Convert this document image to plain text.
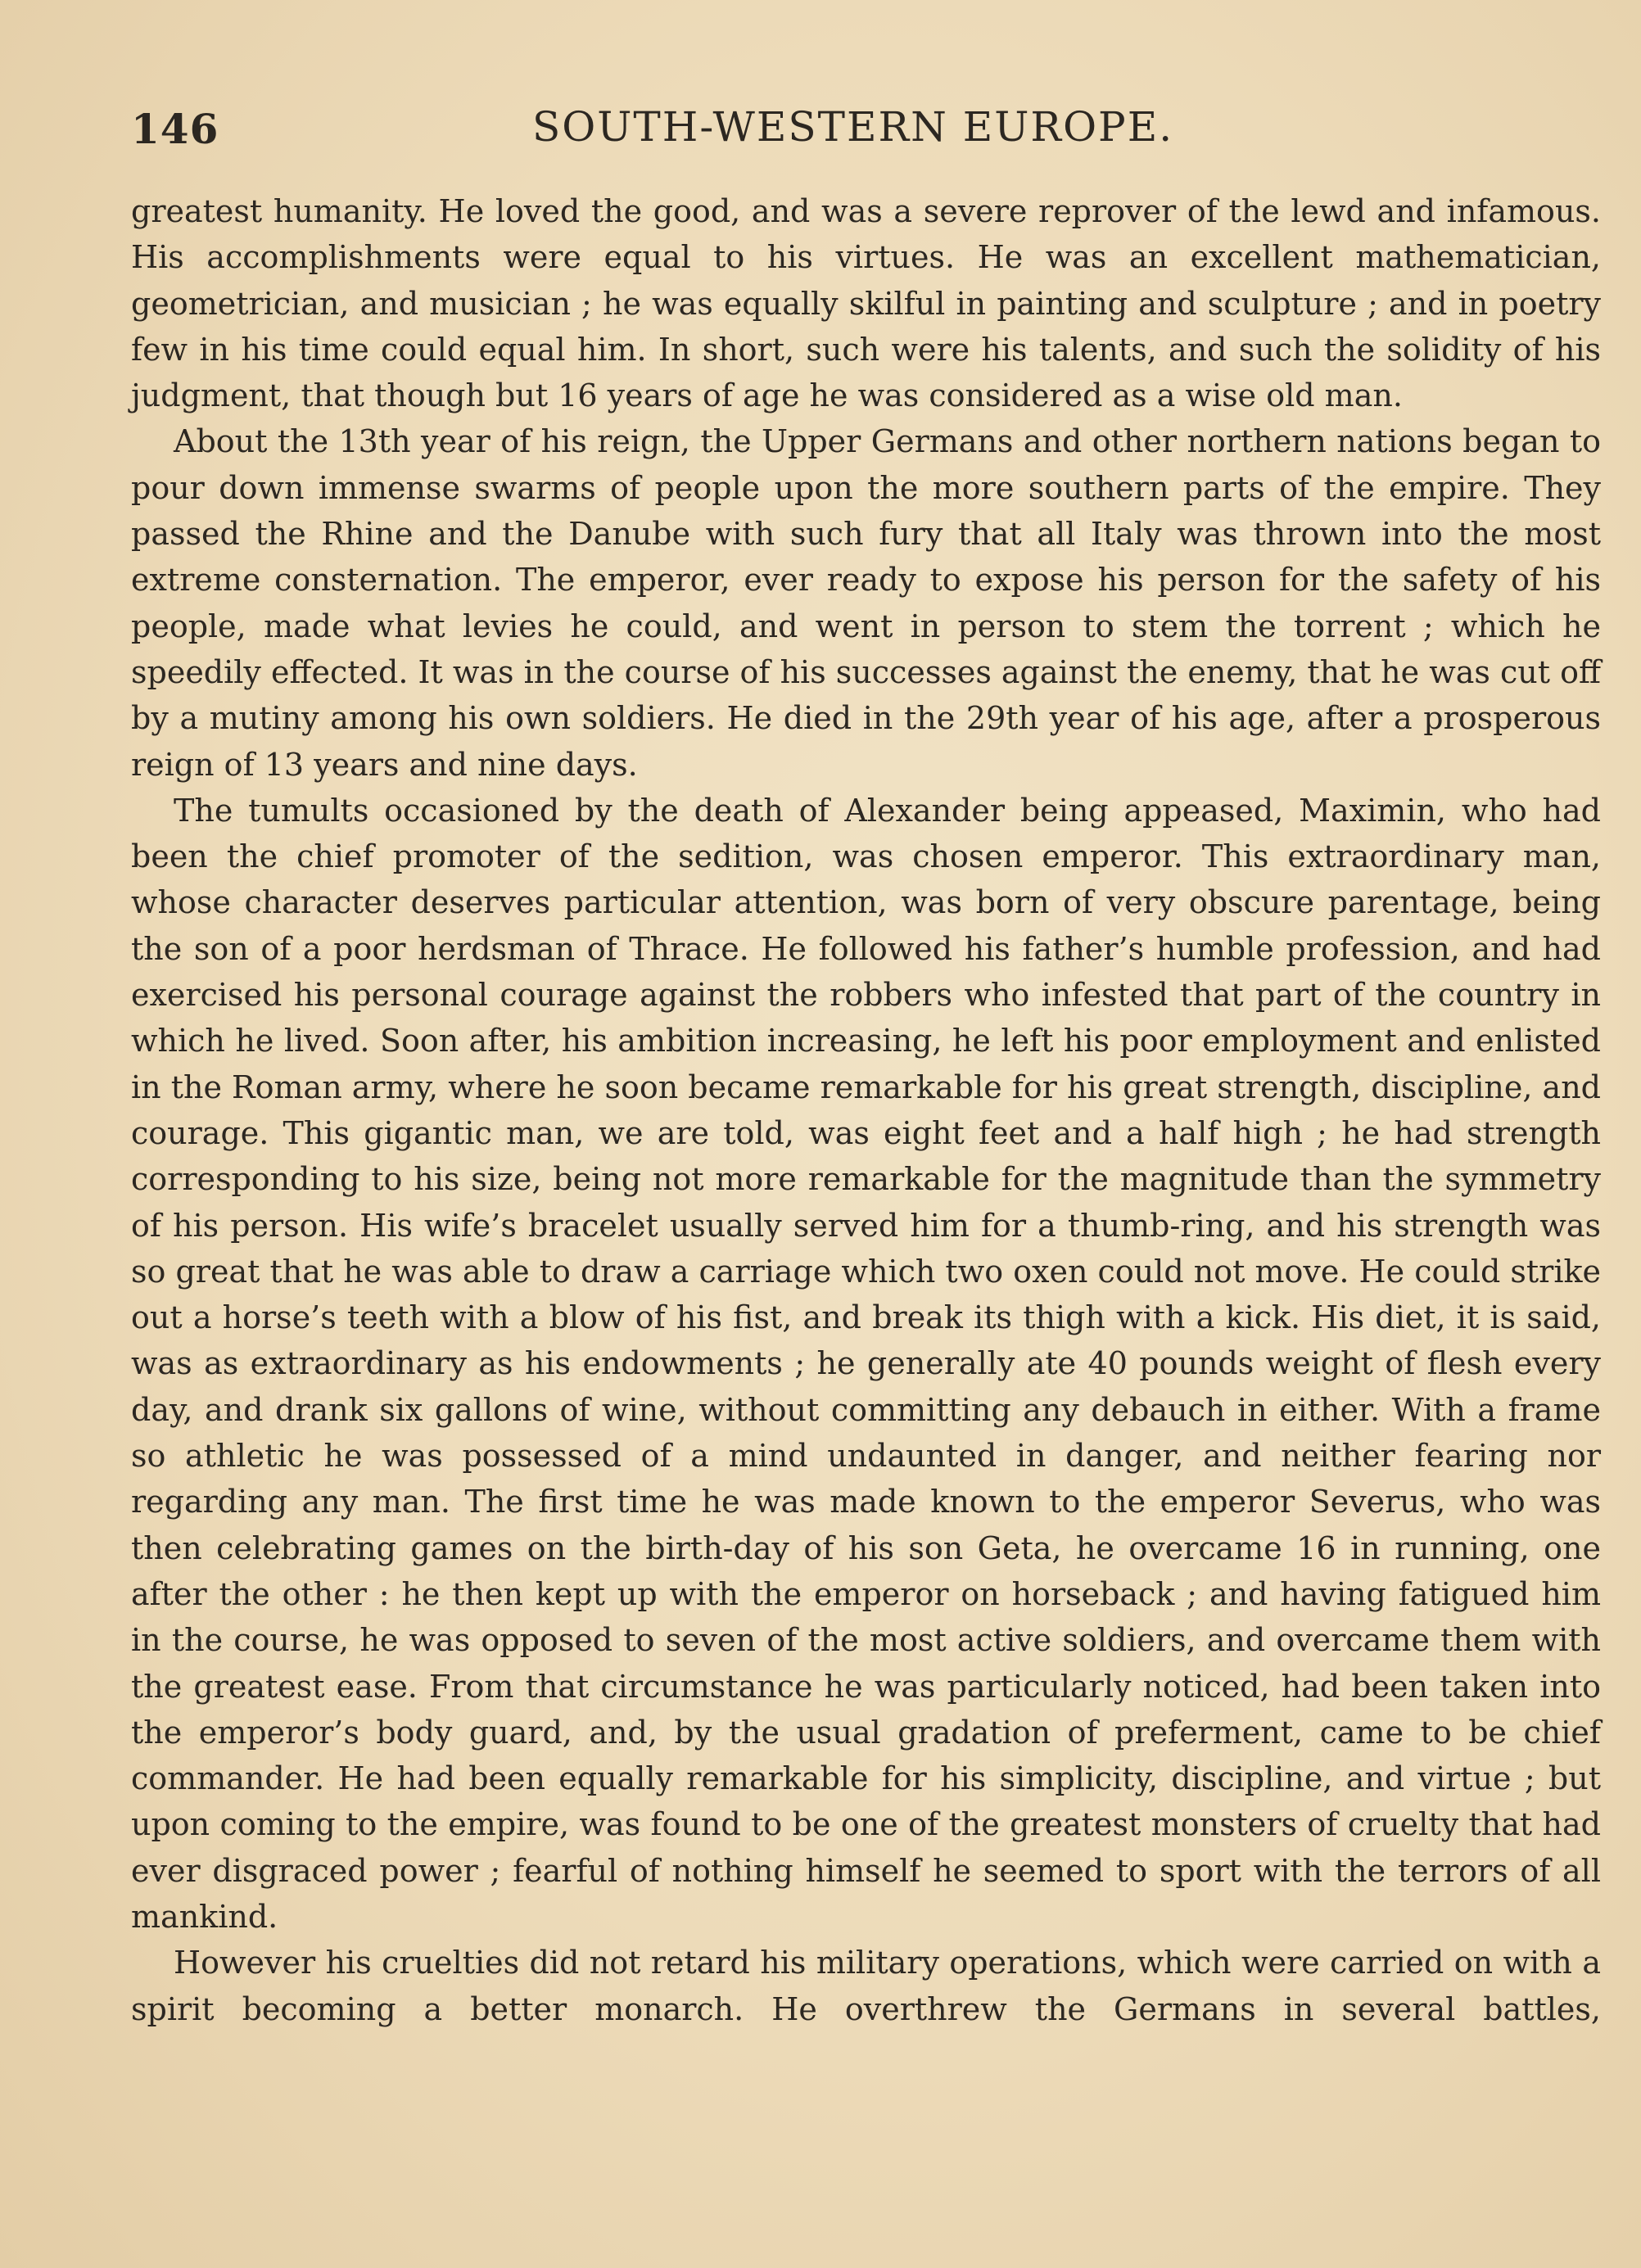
146	SOUTH-WESTERN EUROPE.

greatest humanity. He loved the good, and was a severe reprover of the lewd and infamous. His accomplishments were equal to his virtues. He was an excellent mathematician, geometrician, and musician ; he was equally skilful in painting and sculpture ; and in poetry few in his time could equal him. In short, such were his talents, and such the solidity of his judgment, that though but 16 years of age he was considered as a wise old man.

About the 13th year of his reign, the Upper Germans and other northern nations began to pour down immense swarms of people upon the more southern parts of the empire. They passed the Rhine and the Danube with such fury that all Italy was thrown into the most extreme consternation. The emperor, ever ready to expose his person for the safety of his people, made what levies he could, and went in person to stem the torrent ; which he speedily effected. It was in the course of his successes against the enemy, that he was cut off by a mutiny among his own soldiers. He died in the 29th year of his age, after a prosperous reign of 13 years and nine days.

The tumults occasioned by the death of Alexander being appeased, Maximin, who had been the chief promoter of the sedition, was chosen emperor. This extraordinary man, whose character deserves particular attention, was born of very obscure parentage, being the son of a poor herdsman of Thrace. He followed his father’s humble profession, and had exercised his personal courage against the robbers who infested that part of the country in which he lived. Soon after, his ambition increasing, he left his poor employment and enlisted in the Roman army, where he soon became remarkable for his great strength, discipline, and courage. This gigantic man, we are told, was eight feet and a half high ; he had strength corresponding to his size, being not more remarkable for the magnitude than the symmetry of his person. His wife’s bracelet usually served him for a thumb-ring, and his strength was so great that he was able to draw a carriage which two oxen could not move. He could strike out a horse’s teeth with a blow of his fist, and break its thigh with a kick. His diet, it is said, was as extraordinary as his endowments ; he generally ate 40 pounds weight of flesh every day, and drank six gallons of wine, without committing any debauch in either. With a frame so athletic he was possessed of a mind undaunted in danger, and neither fearing nor regarding any man. The first time he was made known to the emperor Severus, who was then celebrating games on the birth-day of his son Geta, he overcame 16 in running, one after the other : he then kept up with the emperor on horseback ; and having fatigued him in the course, he was opposed to seven of the most active soldiers, and overcame them with the greatest ease. From that circumstance he was particularly noticed, had been taken into the emperor’s body guard, and, by the usual gradation of preferment, came to be chief commander. He had been equally remarkable for his simplicity, discipline, and virtue ; but upon coming to the empire, was found to be one of the greatest monsters of cruelty that had ever disgraced power ; fearful of nothing himself he seemed to sport with the terrors of all mankind.

However his cruelties did not retard his military operations, which were carried on with a spirit becoming a better monarch. He overthrew the Germans in several battles,
